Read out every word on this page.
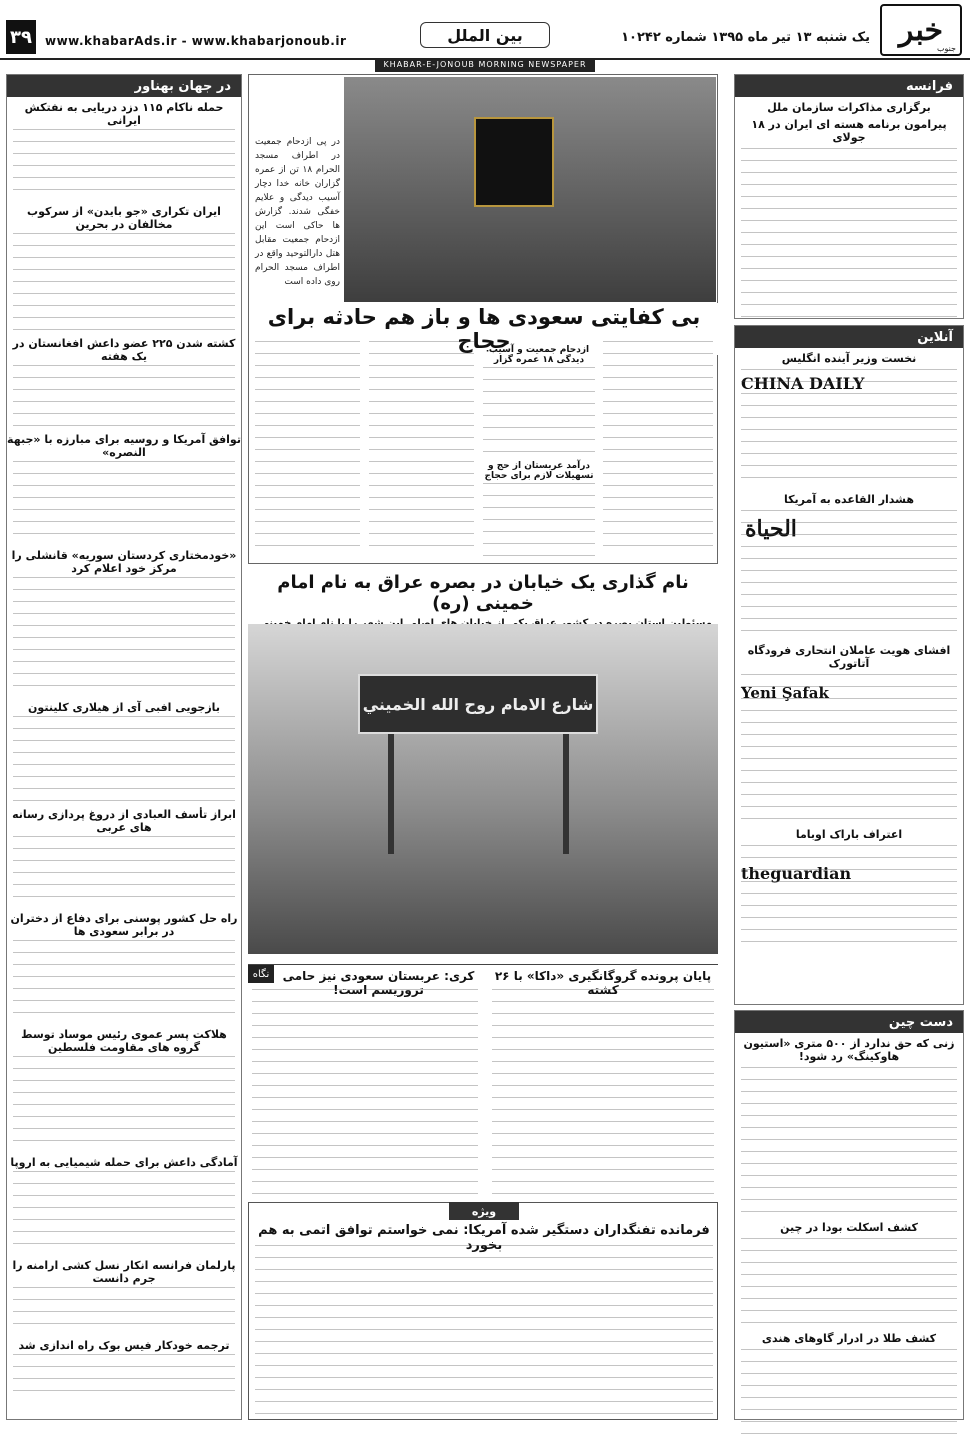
خبر
جنوب
یک شنبه ۱۳ تیر ماه ۱۳۹۵ شماره ۱۰۲۴۲
بین الملل
www.khabarAds.ir - www.khabarjonoub.ir
۳۹
KHABAR-E-JONOUB MORNING NEWSPAPER
فرانسه
برگزاری مذاکرات سازمان ملل
پیرامون برنامه هسته ای ایران در ۱۸ جولای
آنلاین
نخست وزیر آینده انگلیس
CHINA DAILY
هشدار القاعده به آمریکا
الحياة
افشای هویت عاملان انتحاری فرودگاه آتاتورک
Yeni Şafak
اعتراف باراک اوباما
theguardian
دست چین
زنی که حق ندارد از ۵۰۰ متری «استیون هاوکینگ» رد شود!
کشف اسکلت بودا در چین
کشف طلا در ادرار گاوهای هندی
در پی ازدحام جمعیت در اطراف مسجد الحرام ۱۸ تن از عمره گزاران خانه خدا دچار آسیب دیدگی و علایم خفگی شدند. گزارش ها حاکی است این ازدحام جمعیت مقابل هتل دارالتوحید واقع در اطراف مسجد الحرام روی داده است
بی کفایتی سعودی ها و باز هم حادثه برای حجاج
ازدحام جمعیت و آسیب دیدگی ۱۸ عمره گزار
درآمد عربستان از حج و تسهیلات لازم برای حجاج
نام گذاری یک خیابان در بصره عراق به نام امام خمینی (ره)
شارع الامام روح الله الخميني
پایان پرونده گروگانگیری «داکا» با ۲۶ کشته
نگاه	کری: عربستان سعودی نیز حامی تروریسم است!
ویژه
فرمانده تفنگداران دستگیر شده آمریکا: نمی خواستم توافق اتمی به هم بخورد
در جهان بهناور
حمله ناکام ۱۱۵ دزد دریایی به نفتکش ایرانی
ایران تکراری «جو بایدن» از سرکوب مخالفان در بحرین
کشته شدن ۲۲۵ عضو داعش افغانستان در یک هفته
توافق آمریکا و روسیه برای مبارزه با «جبهة النصره»
«خودمختاری کردستان سوریه» قانشلی را مرکز خود اعلام کرد
بازجویی افبی آی از هیلاری کلینتون
ابراز تأسف العبادی از دروغ پردازی رسانه های عربی
راه حل کشور پوسنی برای دفاع از دختران در برابر سعودی ها
هلاکت پسر عموی رئیس موساد توسط گروه های مقاومت فلسطین
آمادگی داعش برای حمله شیمیایی به اروپا
پارلمان فرانسه انکار نسل کشی ارامنه را جرم دانست
ترجمه خودکار فیس بوک راه اندازی شد
